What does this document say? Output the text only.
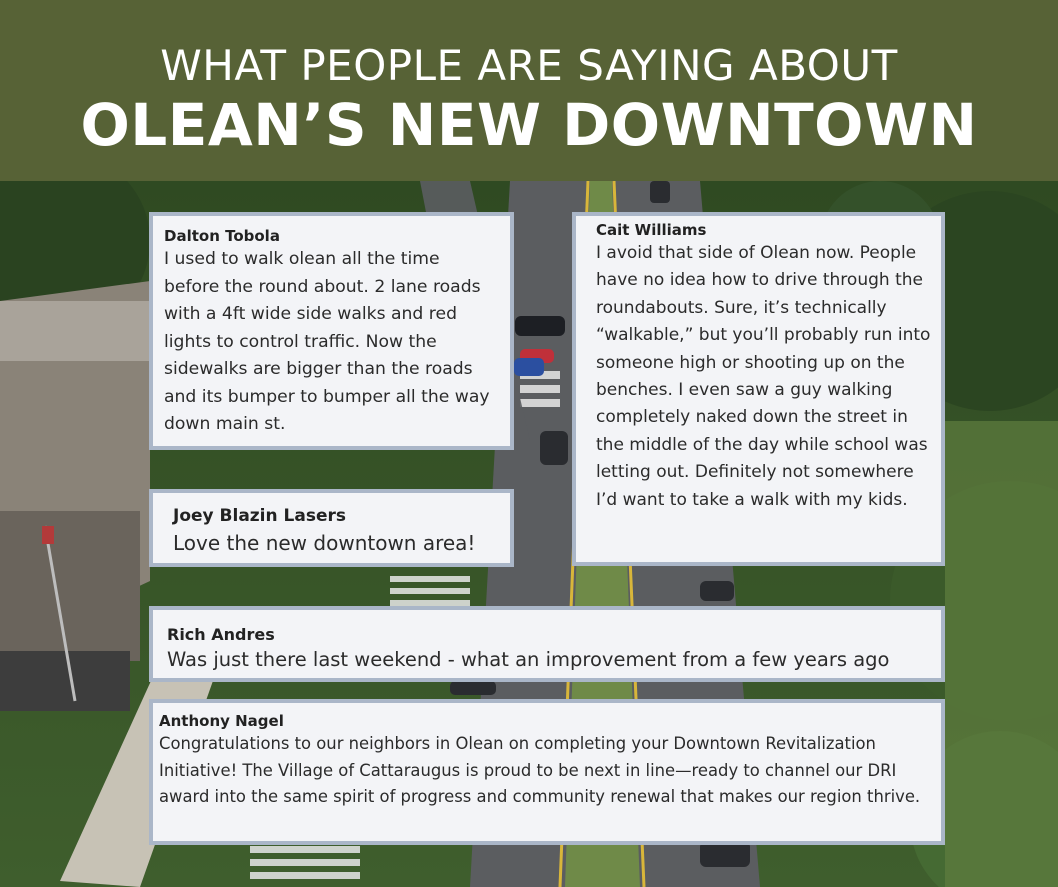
WHAT PEOPLE ARE SAYING ABOUT
OLEAN’S NEW DOWNTOWN
Dalton Tobola
I used to walk olean all the time before the round about. 2 lane roads with a 4ft wide side walks and red lights to control traffic. Now the sidewalks are bigger than the roads and its bumper to bumper all the way down main st.
Cait Williams
I avoid that side of Olean now. People have no idea how to drive through the roundabouts. Sure, it’s technically “walkable,” but you’ll probably run into someone high or shooting up on the benches. I even saw a guy walking completely naked down the street in the middle of the day while school was letting out. Definitely not somewhere I’d want to take a walk with my kids.
Joey Blazin Lasers
Love the new downtown area!
Rich Andres
Was just there last weekend - what an improvement from a few years ago
Anthony Nagel
Congratulations to our neighbors in Olean on completing your Downtown Revitalization Initiative! The Village of Cattaraugus is proud to be next in line—ready to channel our DRI award into the same spirit of progress and community renewal that makes our region thrive.
